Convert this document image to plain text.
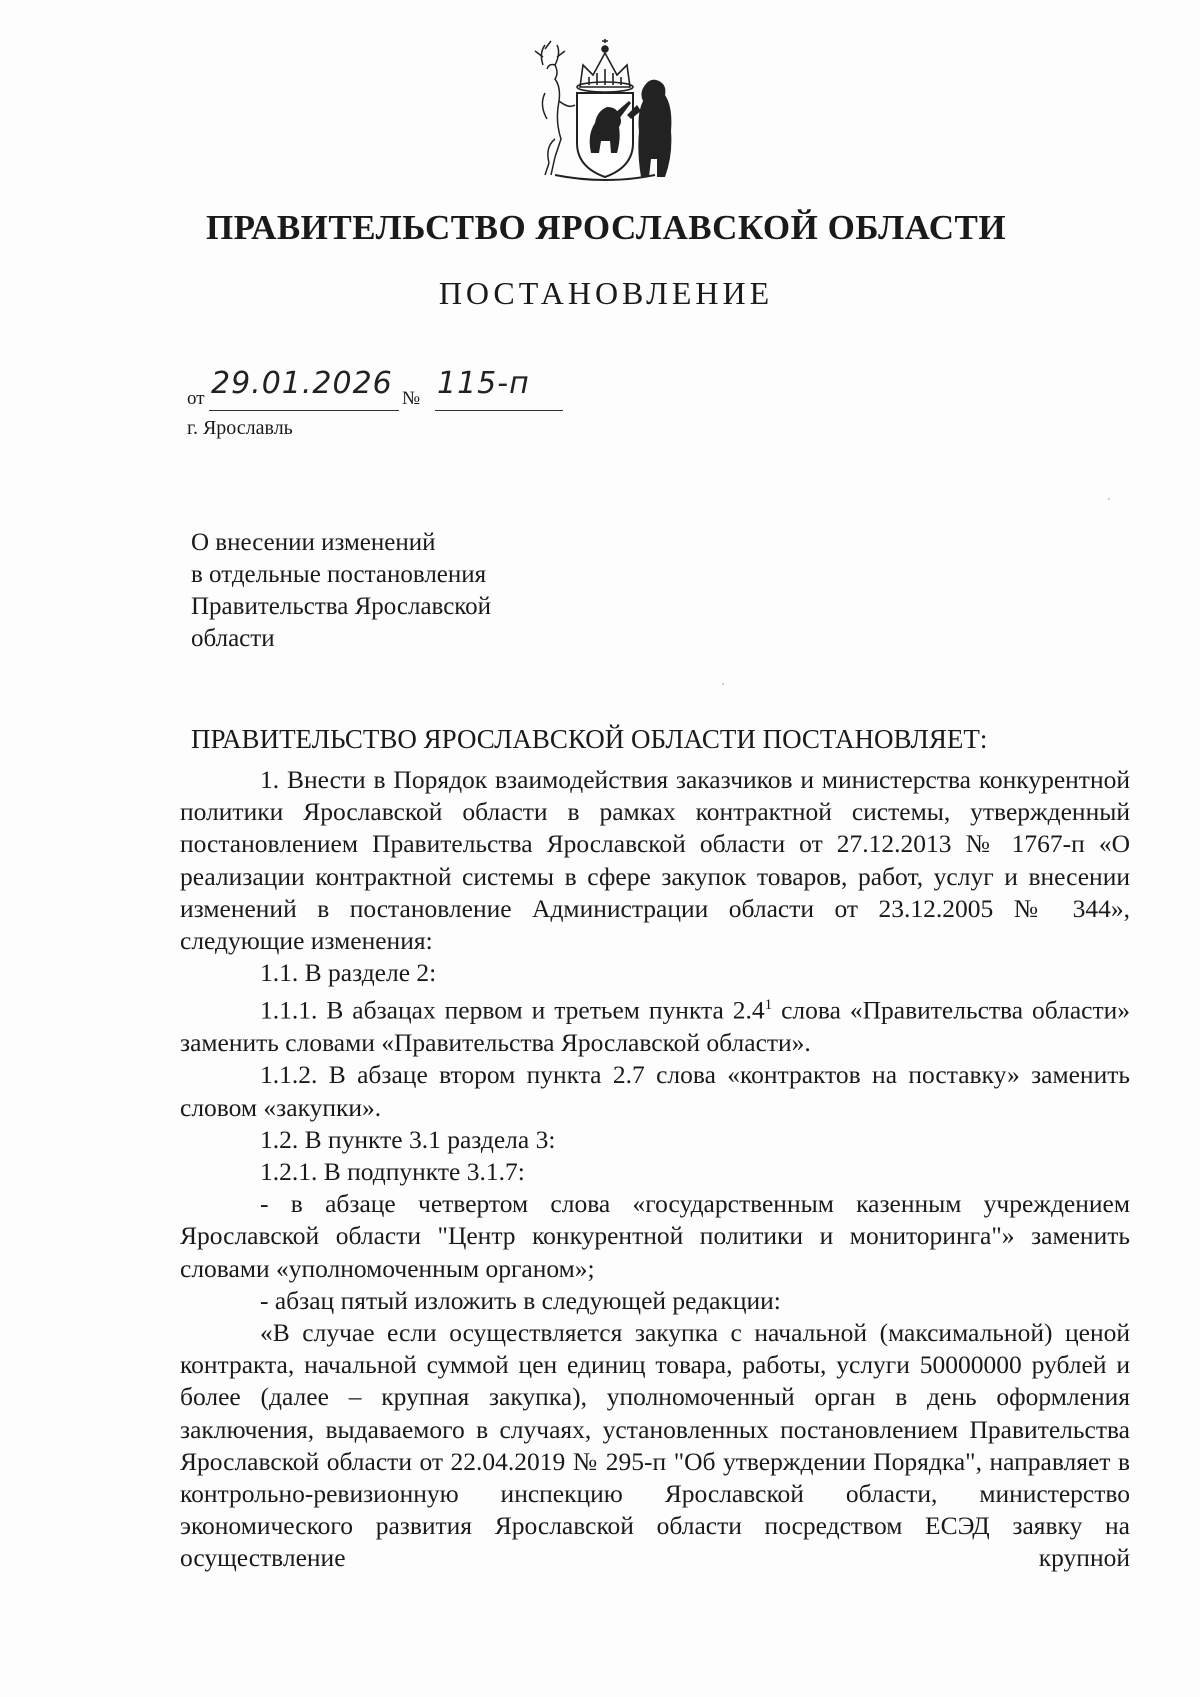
ПРАВИТЕЛЬСТВО ЯРОСЛАВСКОЙ ОБЛАСТИ
ПОСТАНОВЛЕНИЕ
от 29.01.2026 № 115-п
г. Ярославль
О внесении изменений
в отдельные постановления
Правительства Ярославской
области
ПРАВИТЕЛЬСТВО ЯРОСЛАВСКОЙ ОБЛАСТИ ПОСТАНОВЛЯЕТ:

1. Внести в Порядок взаимодействия заказчиков и министерства конкурентной политики Ярославской области в рамках контрактной системы, утвержденный постановлением Правительства Ярославской области от 27.12.2013 № 1767-п «О реализации контрактной системы в сфере закупок товаров, работ, услуг и внесении изменений в постановление Администрации области от 23.12.2005 № 344», следующие изменения:

1.1. В разделе 2:

1.1.1. В абзацах первом и третьем пункта $2.4^1$ слова «Правительства области» заменить словами «Правительства Ярославской области».

1.1.2. В абзаце втором пункта 2.7 слова «контрактов на поставку» заменить словом «закупки».

1.2. В пункте 3.1 раздела 3:

1.2.1. В подпункте 3.1.7:

- в абзаце четвертом слова «государственным казенным учреждением Ярославской области "Центр конкурентной политики и мониторинга"» заменить словами «уполномоченным органом»;

- абзац пятый изложить в следующей редакции:

«В случае если осуществляется закупка с начальной (максимальной) ценой контракта, начальной суммой цен единиц товара, работы, услуги 50000000 рублей и более (далее – крупная закупка), уполномоченный орган в день оформления заключения, выдаваемого в случаях, установленных постановлением Правительства Ярославской области от 22.04.2019 № 295-п "Об утверждении Порядка", направляет в контрольно-ревизионную инспекцию Ярославской области, министерство экономического развития Ярославской области посредством ЕСЭД заявку на осуществление крупной
